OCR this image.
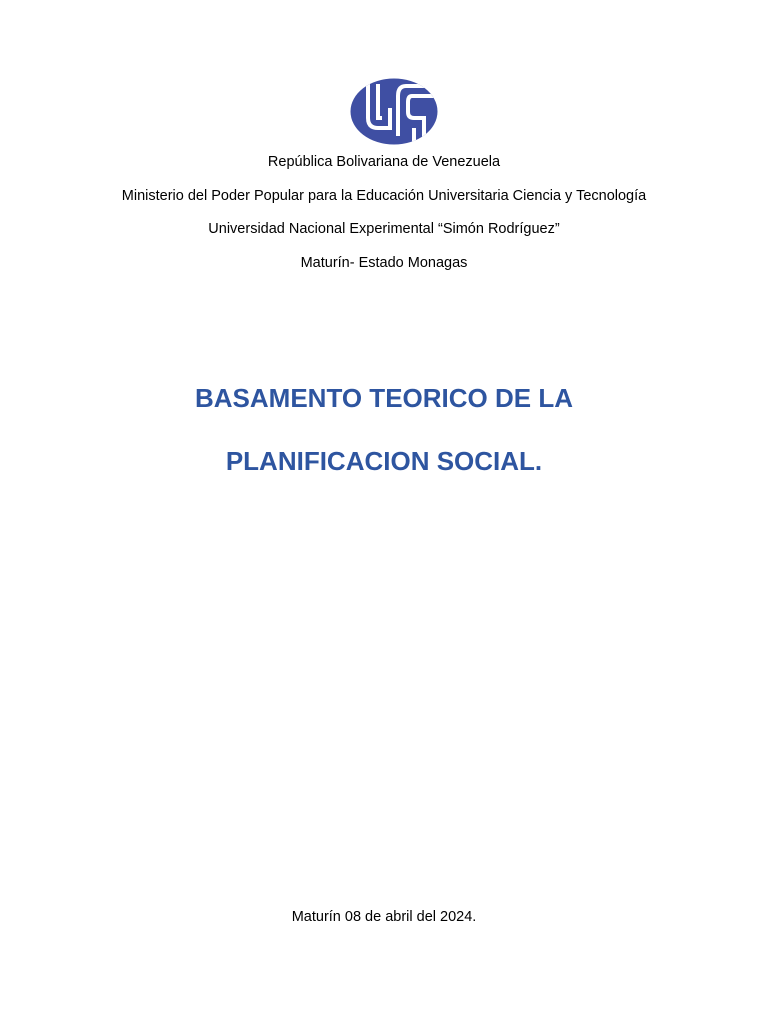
República Bolivariana de Venezuela
Ministerio del Poder Popular para la Educación Universitaria Ciencia y Tecnología
Universidad Nacional Experimental “Simón Rodríguez”
Maturín- Estado Monagas
BASAMENTO TEORICO DE LA
PLANIFICACION SOCIAL.
Maturín 08 de abril del 2024.
